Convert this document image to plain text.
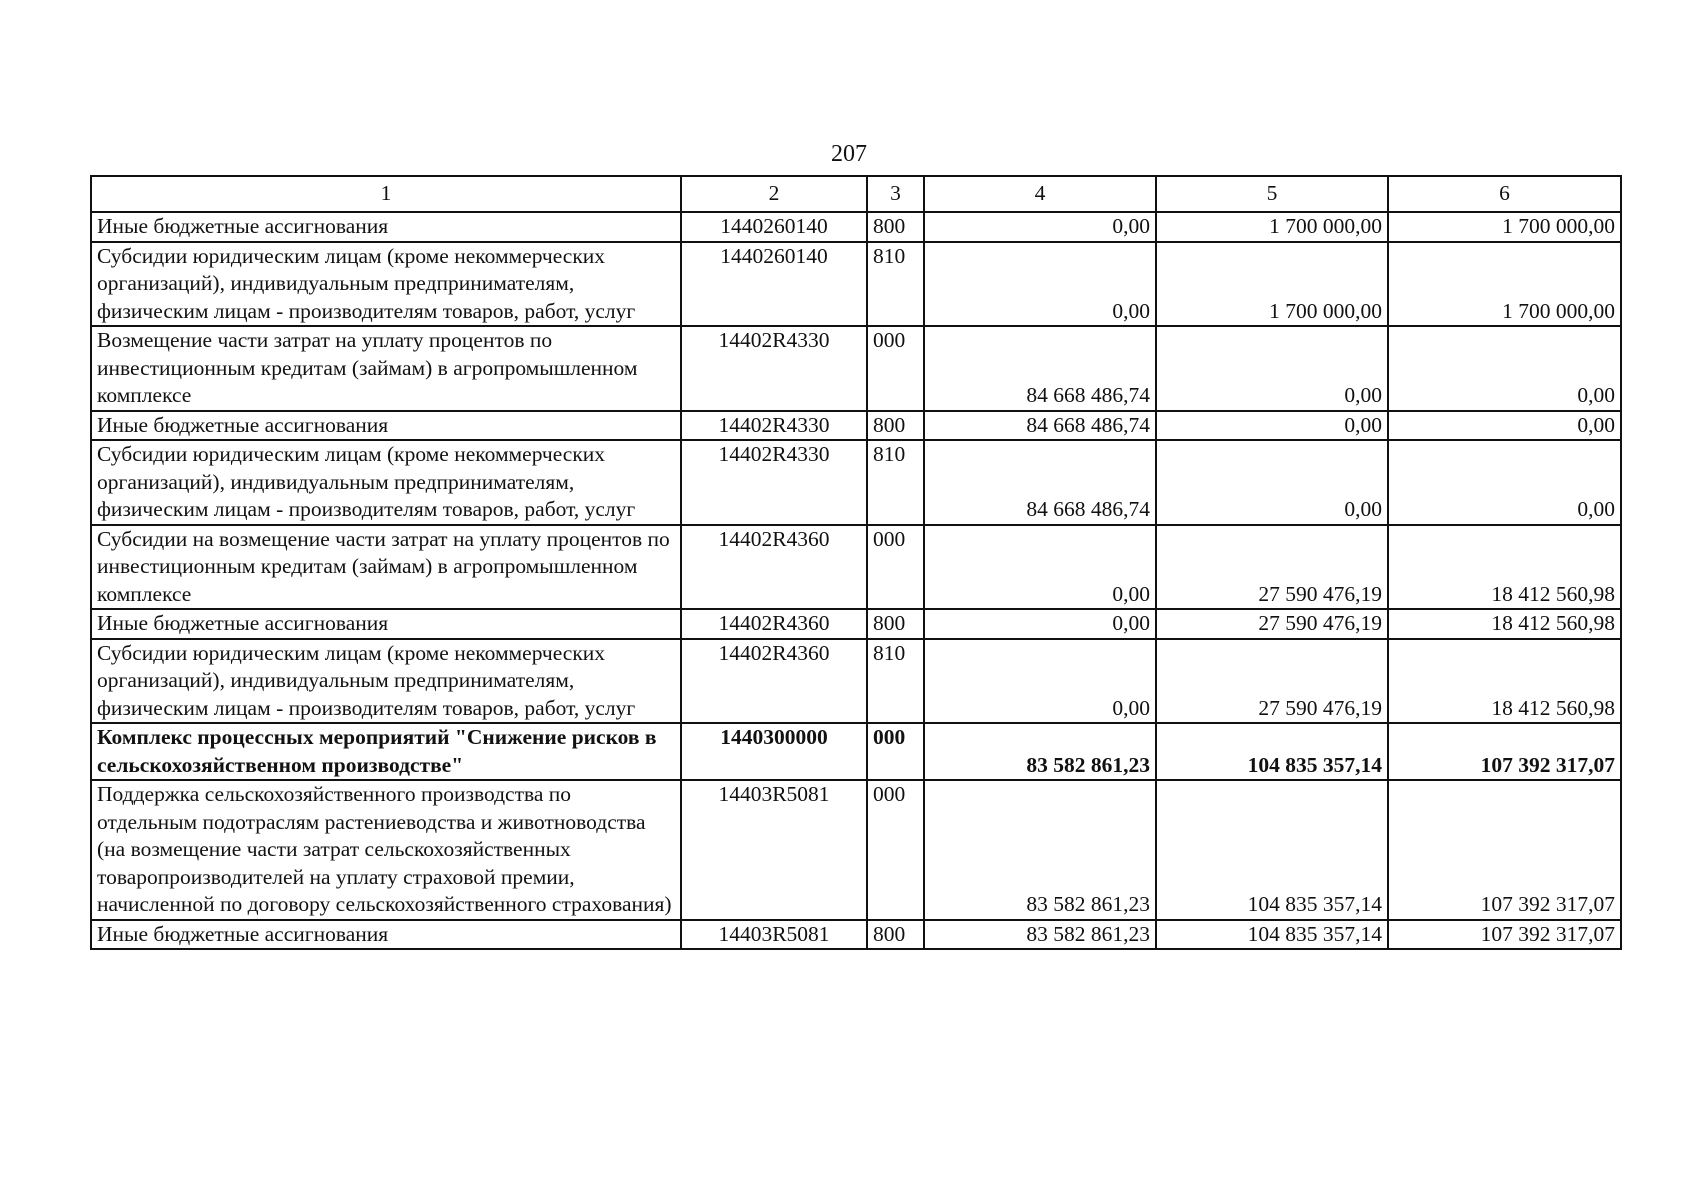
207
1	2	3	4	5	6
Иные бюджетные ассигнования	1440260140	800	0,00	1 700 000,00	1 700 000,00
Субсидии юридическим лицам (кроме некоммерческих организаций), индивидуальным предпринимателям, физическим лицам - производителям товаров, работ, услуг	1440260140	810	0,00	1 700 000,00	1 700 000,00
Возмещение части затрат на уплату процентов по инвестиционным кредитам (займам) в агропромышленном комплексе	14402R4330	000	84 668 486,74	0,00	0,00
Иные бюджетные ассигнования	14402R4330	800	84 668 486,74	0,00	0,00
Субсидии юридическим лицам (кроме некоммерческих организаций), индивидуальным предпринимателям, физическим лицам - производителям товаров, работ, услуг	14402R4330	810	84 668 486,74	0,00	0,00
Субсидии на возмещение части затрат на уплату процентов по инвестиционным кредитам (займам) в агропромышленном комплексе	14402R4360	000	0,00	27 590 476,19	18 412 560,98
Иные бюджетные ассигнования	14402R4360	800	0,00	27 590 476,19	18 412 560,98
Субсидии юридическим лицам (кроме некоммерческих организаций), индивидуальным предпринимателям, физическим лицам - производителям товаров, работ, услуг	14402R4360	810	0,00	27 590 476,19	18 412 560,98
Комплекс процессных мероприятий "Снижение рисков в сельскохозяйственном производстве"	1440300000	000	83 582 861,23	104 835 357,14	107 392 317,07
Поддержка сельскохозяйственного производства по отдельным подотраслям растениеводства и животноводства (на возмещение части затрат сельскохозяйственных товаропроизводителей на уплату страховой премии, начисленной по договору сельскохозяйственного страхования)	14403R5081	000	83 582 861,23	104 835 357,14	107 392 317,07
Иные бюджетные ассигнования	14403R5081	800	83 582 861,23	104 835 357,14	107 392 317,07
